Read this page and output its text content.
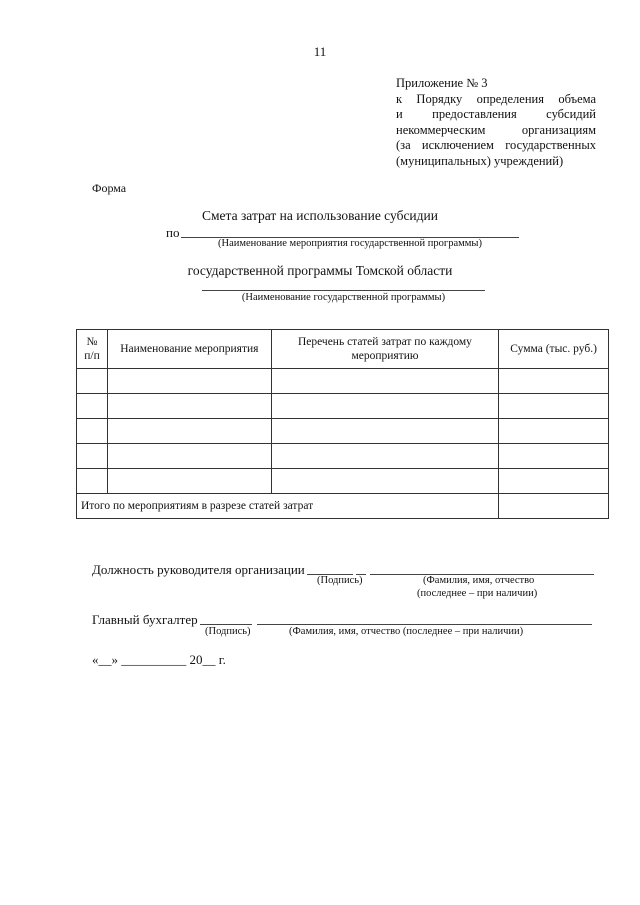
11
Приложение № 3
к Порядку определения объема
и предоставления субсидий
некоммерческим организациям
(за исключением государственных
(муниципальных) учреждений)
Форма
Смета затрат на использование субсидии
по
(Наименование мероприятия государственной программы)
государственной программы Томской области
(Наименование государственной программы)
№ п/п	Наименование мероприятия	Перечень статей затрат по каждому мероприятию	Сумма (тыс. руб.)

Итого по мероприятиям в разрезе статей затрат			
Должность руководителя организации
(Подпись)	(Фамилия, имя, отчество
(последнее – при наличии)
Главный бухгалтер
(Подпись)	(Фамилия, имя, отчество (последнее – при наличии)
«__» __________ 20__ г.
